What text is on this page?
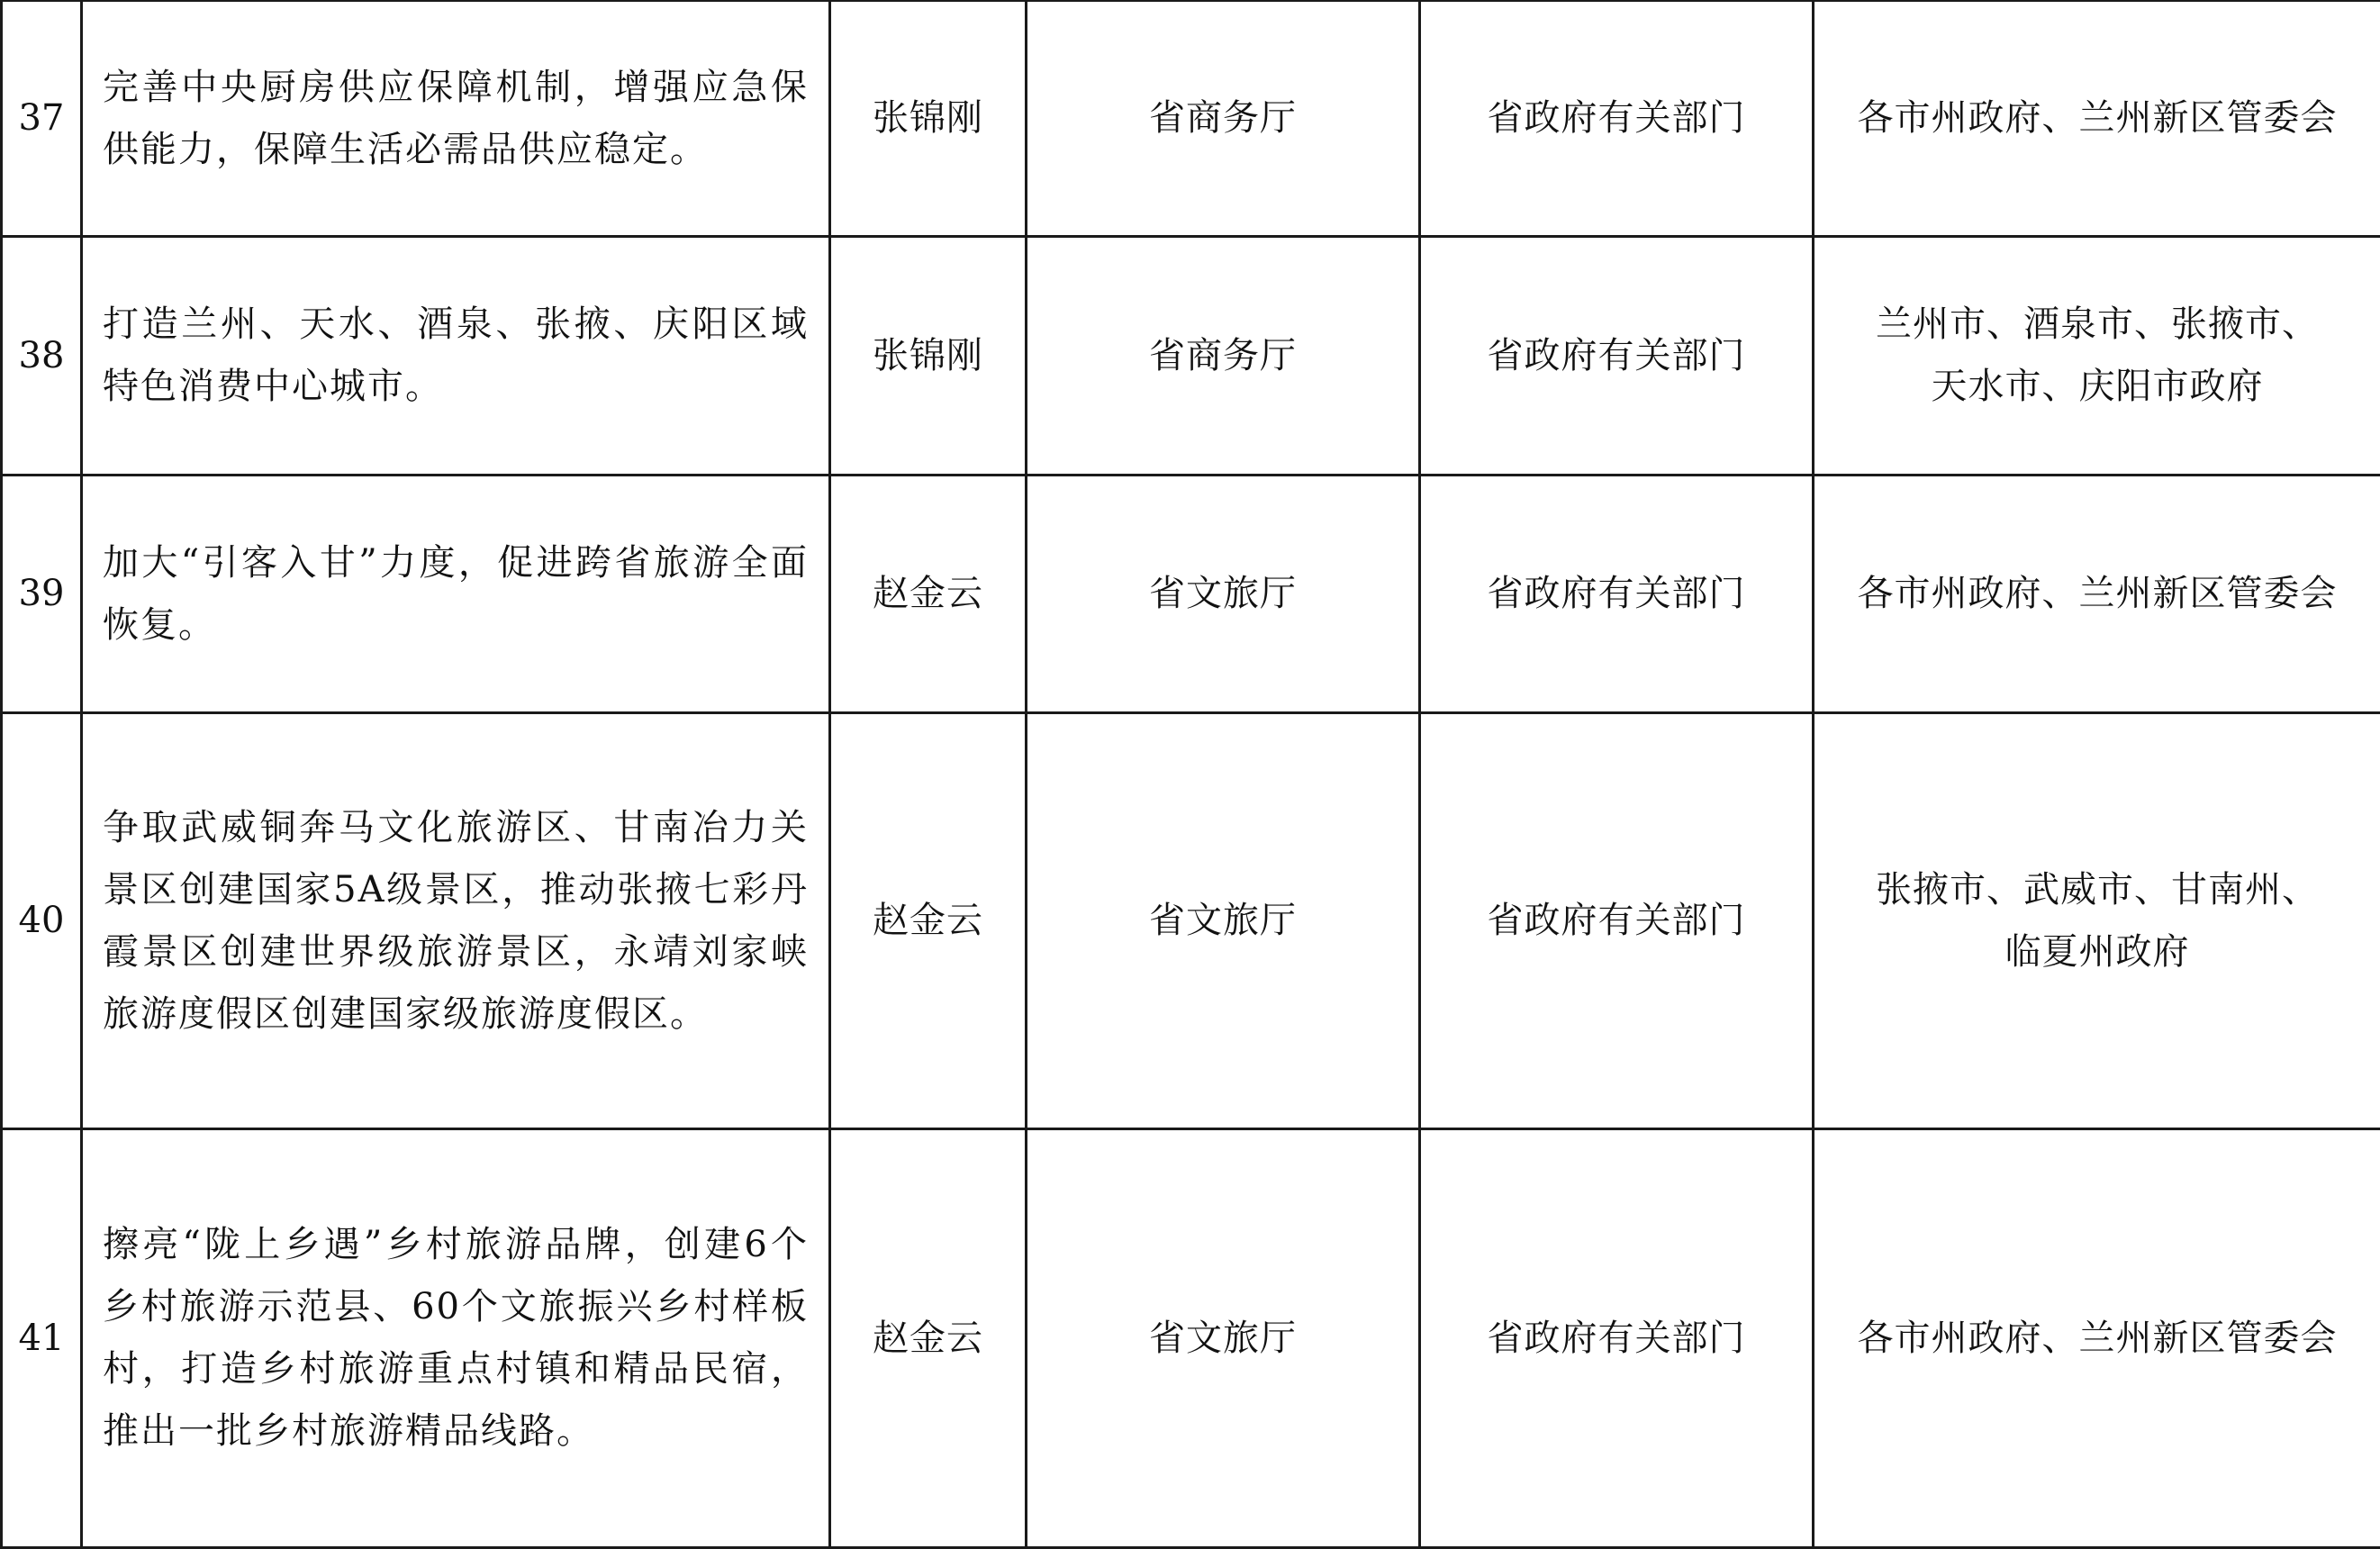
37	完善中央厨房供应保障机制，增强应急保供能力，保障生活必需品供应稳定。	张锦刚	省商务厅	省政府有关部门	各市州政府、兰州新区管委会

38	打造兰州、天水、酒泉、张掖、庆阳区域特色消费中心城市。	张锦刚	省商务厅	省政府有关部门	兰州市、酒泉市、张掖市、
天水市、庆阳市政府

39	加大“引客入甘”力度，促进跨省旅游全面恢复。	赵金云	省文旅厅	省政府有关部门	各市州政府、兰州新区管委会

40	争取武威铜奔马文化旅游区、甘南冶力关景区创建国家5A级景区，推动张掖七彩丹霞景区创建世界级旅游景区，永靖刘家峡旅游度假区创建国家级旅游度假区。	赵金云	省文旅厅	省政府有关部门	张掖市、武威市、甘南州、
临夏州政府

41	擦亮“陇上乡遇”乡村旅游品牌，创建6个乡村旅游示范县、60个文旅振兴乡村样板村，打造乡村旅游重点村镇和精品民宿，推出一批乡村旅游精品线路。	赵金云	省文旅厅	省政府有关部门	各市州政府、兰州新区管委会
